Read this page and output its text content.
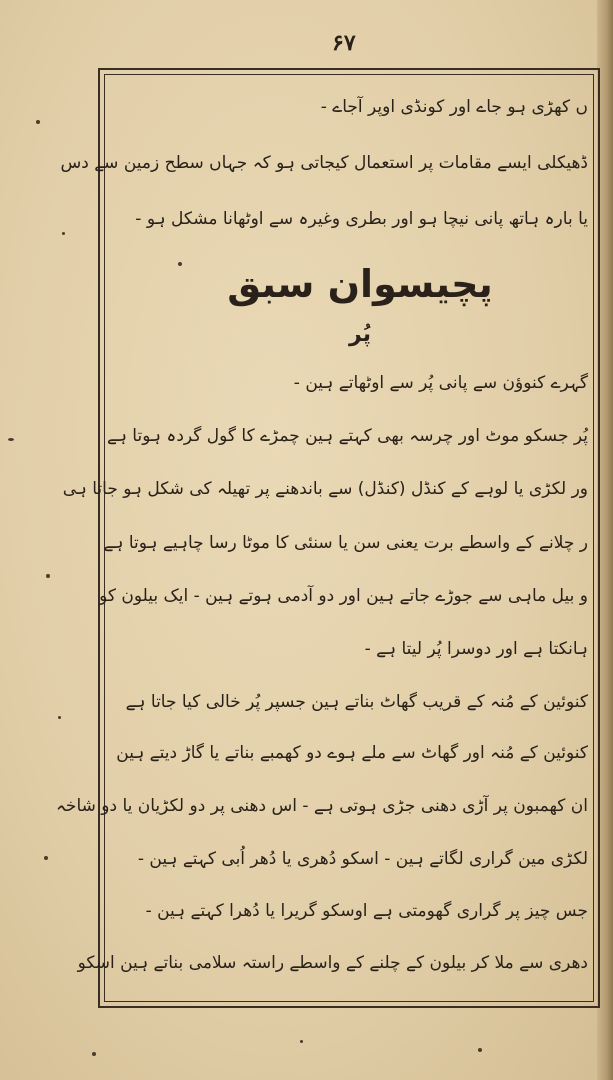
۶۷
ں کھڑی ہو جاے اور کونڈی اوپر آجاے -
ڈھیکلی ایسے مقامات پر استعمال کیجاتی ہو کہ جہاں سطح زمین سے دس
یا بارہ ہاتھ پانی نیچا ہو اور بطری وغیرہ سے اوٹھانا مشکل ہو -
پچیسوان سبق
پُر
گہرے کنوؤن سے پانی پُر سے اوٹھاتے ہین -
پُر جسکو موٹ اور چرسہ بھی کہتے ہین چمڑے کا گول گردہ ہوتا ہے
ور لکڑی یا لوہے کے کنڈل (کنڈل) سے باندھنے پر تھیلہ کی شکل ہو جاتا ہی
ر چلانے کے واسطے برت یعنی سن یا سنئی کا موٹا رسا چاہیے ہوتا ہے
و بیل ماہی سے جوڑے جاتے ہین اور دو آدمی ہوتے ہین - ایک بیلون کو
ہانکتا ہے اور دوسرا پُر لیتا ہے -
کنوئین کے مُنہ کے قریب گھاٹ بناتے ہین جسپر پُر خالی کیا جاتا ہے
کنوئین کے مُنہ اور گھاٹ سے ملے ہوے دو کھمبے بناتے یا گاڑ دیتے ہین
ان کھمبون پر آڑی دھنی جڑی ہوتی ہے - اس دھنی پر دو لکڑیان یا دو شاخہ
لکڑی مین گراری لگاتے ہین - اسکو دُھری یا دُھر اُبی کہتے ہین -
جس چیز پر گراری گھومتی ہے اوسکو گریرا یا دُھرا کہتے ہین -
دھری سے ملا کر بیلون کے چلنے کے واسطے راستہ سلامی بناتے ہین اسکو
